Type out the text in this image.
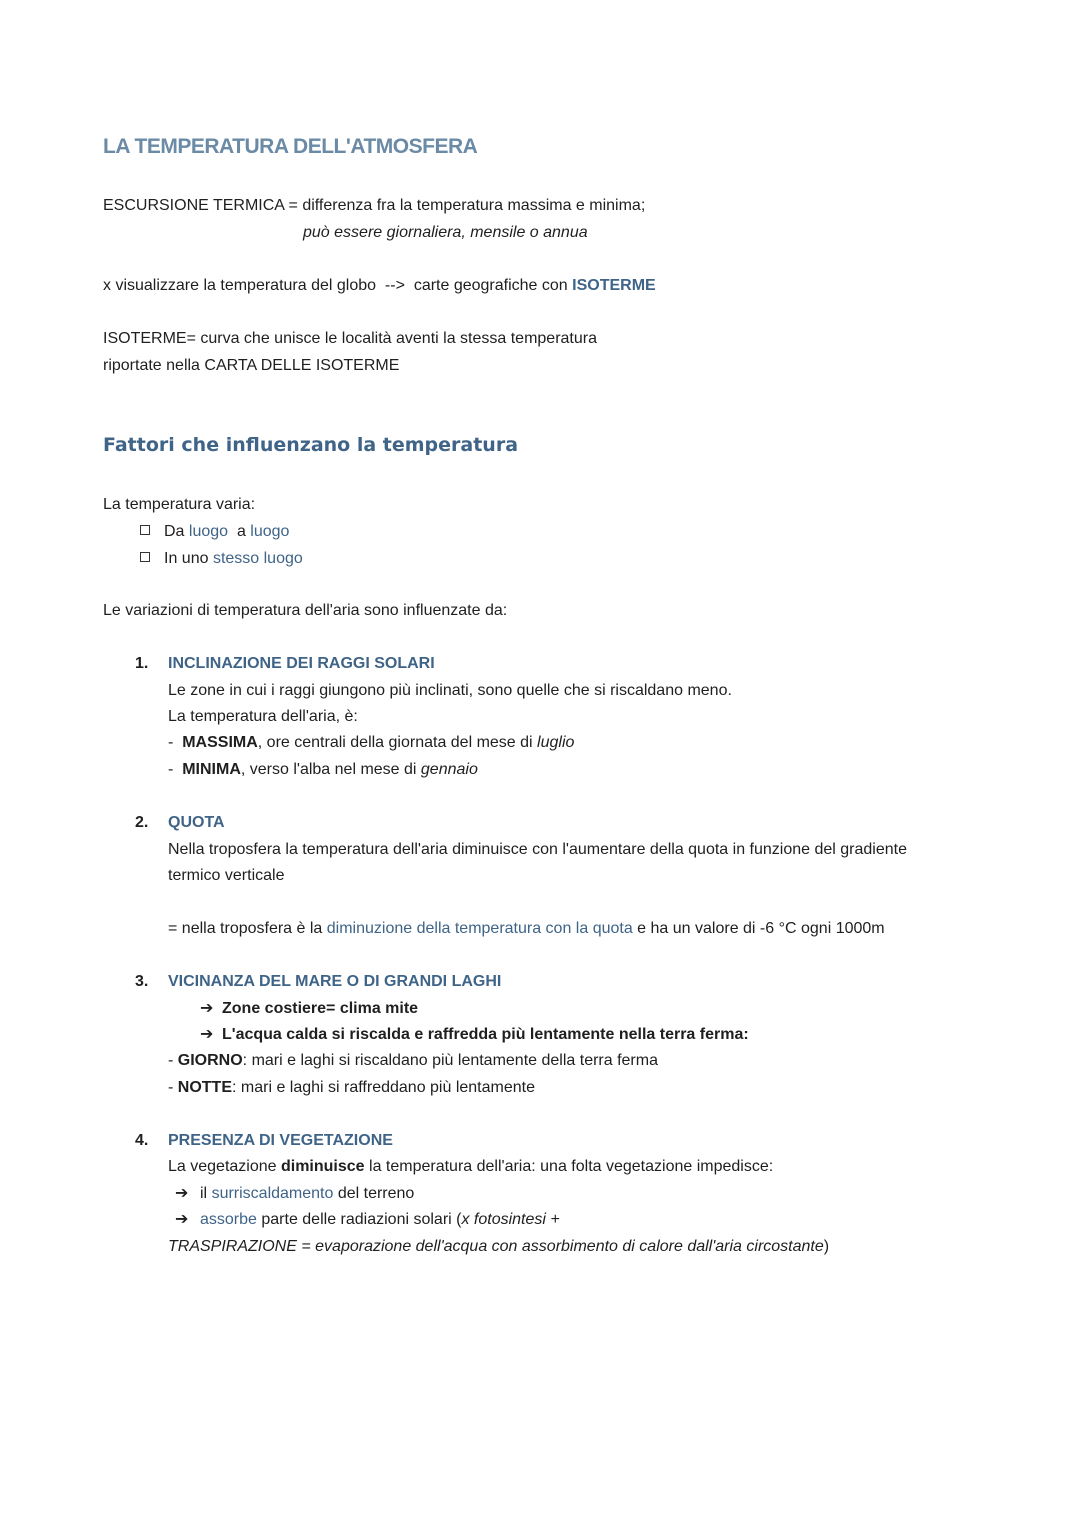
LA TEMPERATURA DELL'ATMOSFERA
ESCURSIONE TERMICA = differenza fra la temperatura massima e minima;
può essere giornaliera, mensile o annua
x visualizzare la temperatura del globo  -->  carte geografiche con ISOTERME
ISOTERME= curva che unisce le località aventi la stessa temperatura
riportate nella CARTA DELLE ISOTERME
Fattori che influenzano la temperatura
La temperatura varia:
Da luogo  a luogo
In uno stesso luogo
Le variazioni di temperatura dell'aria sono influenzate da:
1. INCLINAZIONE DEI RAGGI SOLARI
Le zone in cui i raggi giungono più inclinati, sono quelle che si riscaldano meno.
La temperatura dell'aria, è:
-  MASSIMA, ore centrali della giornata del mese di luglio
-  MINIMA, verso l'alba nel mese di gennaio
2. QUOTA
Nella troposfera la temperatura dell'aria diminuisce con l'aumentare della quota in funzione del gradiente
termico verticale
= nella troposfera è la diminuzione della temperatura con la quota e ha un valore di -6 °C ogni 1000m
3. VICINANZA DEL MARE O DI GRANDI LAGHI
➔ Zone costiere= clima mite
➔ L'acqua calda si riscalda e raffredda più lentamente nella terra ferma:
- GIORNO: mari e laghi si riscaldano più lentamente della terra ferma
- NOTTE: mari e laghi si raffreddano più lentamente
4. PRESENZA DI VEGETAZIONE
La vegetazione diminuisce la temperatura dell'aria: una folta vegetazione impedisce:
➔ il surriscaldamento del terreno
➔ assorbe parte delle radiazioni solari (x fotosintesi +
TRASPIRAZIONE = evaporazione dell'acqua con assorbimento di calore dall'aria circostante)
